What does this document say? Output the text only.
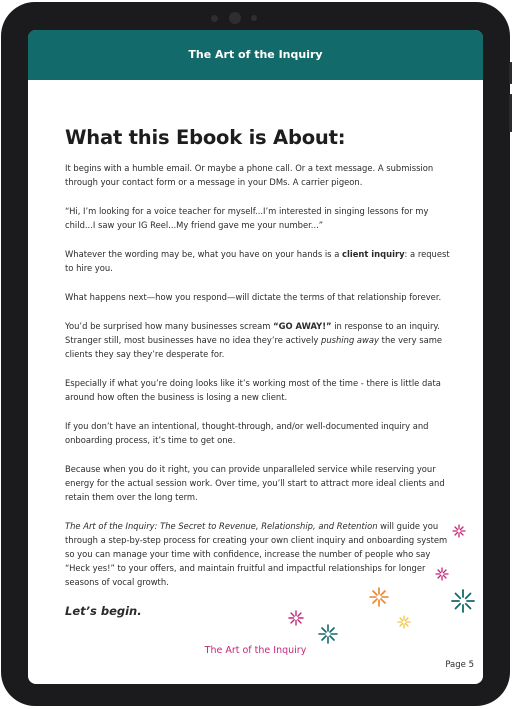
The Art of the Inquiry
What this Ebook is About:

It begins with a humble email. Or maybe a phone call. Or a text message. A submission through your contact form or a message in your DMs. A carrier pigeon.

“Hi, I’m looking for a voice teacher for myself...I’m interested in singing lessons for my child...I saw your IG Reel...My friend gave me your number...”

Whatever the wording may be, what you have on your hands is a client inquiry: a request to hire you.

What happens next—how you respond—will dictate the terms of that relationship forever.

You’d be surprised how many businesses scream “GO AWAY!” in response to an inquiry. Stranger still, most businesses have no idea they’re actively pushing away the very same clients they say they’re desperate for.

Especially if what you’re doing looks like it’s working most of the time - there is little data around how often the business is losing a new client.

If you don’t have an intentional, thought-through, and/or well-documented inquiry and onboarding process, it’s time to get one.

Because when you do it right, you can provide unparalleled service while reserving your energy for the actual session work. Over time, you’ll start to attract more ideal clients and retain them over the long term.

The Art of the Inquiry: The Secret to Revenue, Relationship, and Retention will guide you through a step-by-step process for creating your own client inquiry and onboarding system so you can manage your time with confidence, increase the number of people who say “Heck yes!” to your offers, and maintain fruitful and impactful relationships for longer seasons of vocal growth.

Let’s begin.

The Art of the Inquiry
Page 5
